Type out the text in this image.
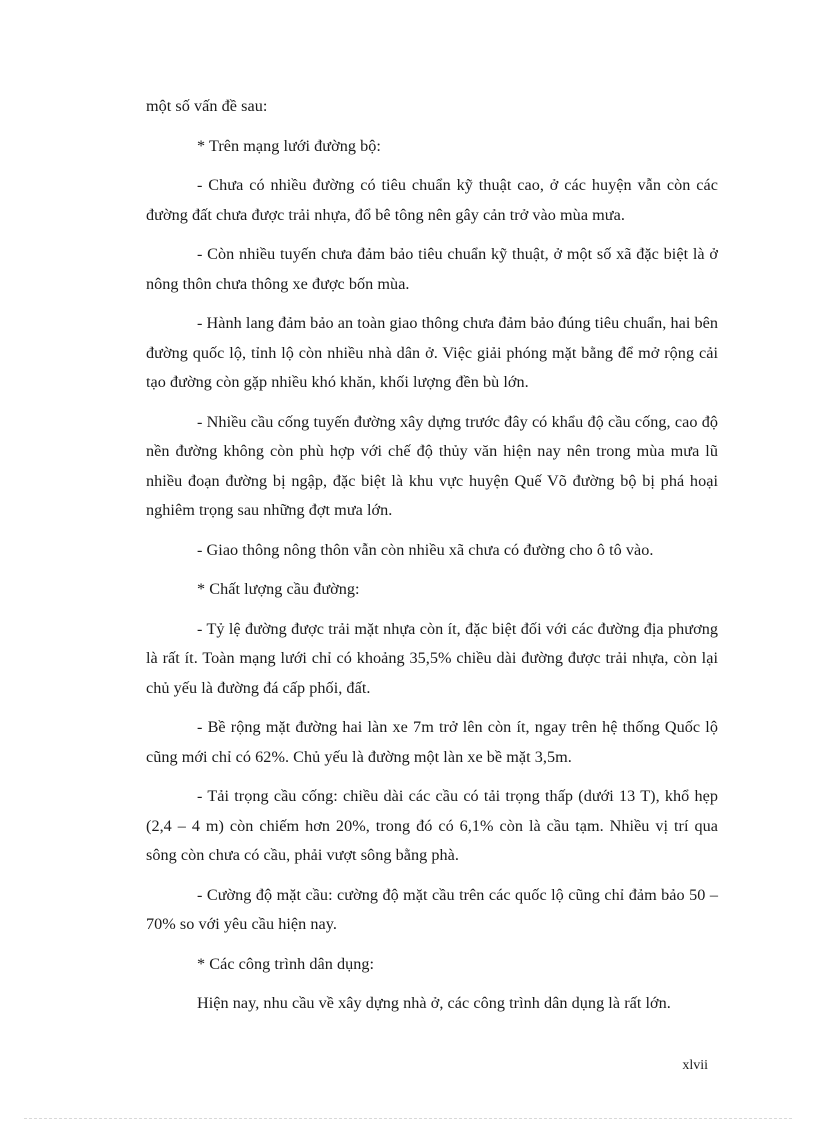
một số vấn đề sau:

* Trên mạng lưới đường bộ:

- Chưa có nhiều đường có tiêu chuẩn kỹ thuật cao, ở các huyện vẫn còn các đường đất chưa được trải nhựa, đổ bê tông nên gây cản trở vào mùa mưa.

- Còn nhiều tuyến chưa đảm bảo tiêu chuẩn kỹ thuật, ở một số xã đặc biệt là ở nông thôn chưa thông xe được bốn mùa.

- Hành lang đảm bảo an toàn giao thông chưa đảm bảo đúng tiêu chuẩn, hai bên đường quốc lộ, tỉnh lộ còn nhiều nhà dân ở. Việc giải phóng mặt bằng để mở rộng cải tạo đường còn gặp nhiều khó khăn, khối lượng đền bù lớn.

- Nhiều cầu cống tuyến đường xây dựng trước đây có khẩu độ cầu cống, cao độ nền đường không còn phù hợp với chế độ thủy văn hiện nay nên trong mùa mưa lũ nhiều đoạn đường bị ngập, đặc biệt là khu vực huyện Quế Võ đường bộ bị phá hoại nghiêm trọng sau những đợt mưa lớn.

- Giao thông nông thôn vẫn còn nhiều xã chưa có đường cho ô tô vào.

* Chất lượng cầu đường:

- Tỷ lệ đường được trải mặt nhựa còn ít, đặc biệt đối với các đường địa phương là rất ít. Toàn mạng lưới chỉ có khoảng 35,5% chiều dài đường được trải nhựa, còn lại chủ yếu là đường đá cấp phối, đất.

- Bề rộng mặt đường hai làn xe 7m trở lên còn ít, ngay trên hệ thống Quốc lộ cũng mới chỉ có 62%. Chủ yếu là đường một làn xe bề mặt 3,5m.

- Tải trọng cầu cống: chiều dài các cầu có tải trọng thấp (dưới 13 T), khổ hẹp (2,4 – 4 m) còn chiếm hơn 20%, trong đó có 6,1% còn là cầu tạm. Nhiều vị trí qua sông còn chưa có cầu, phải vượt sông bằng phà.

- Cường độ mặt cầu: cường độ mặt cầu trên các quốc lộ cũng chỉ đảm bảo 50 – 70% so với yêu cầu hiện nay.

* Các công trình dân dụng:

Hiện nay, nhu cầu về xây dựng nhà ở, các công trình dân dụng là rất lớn.

xlvii
